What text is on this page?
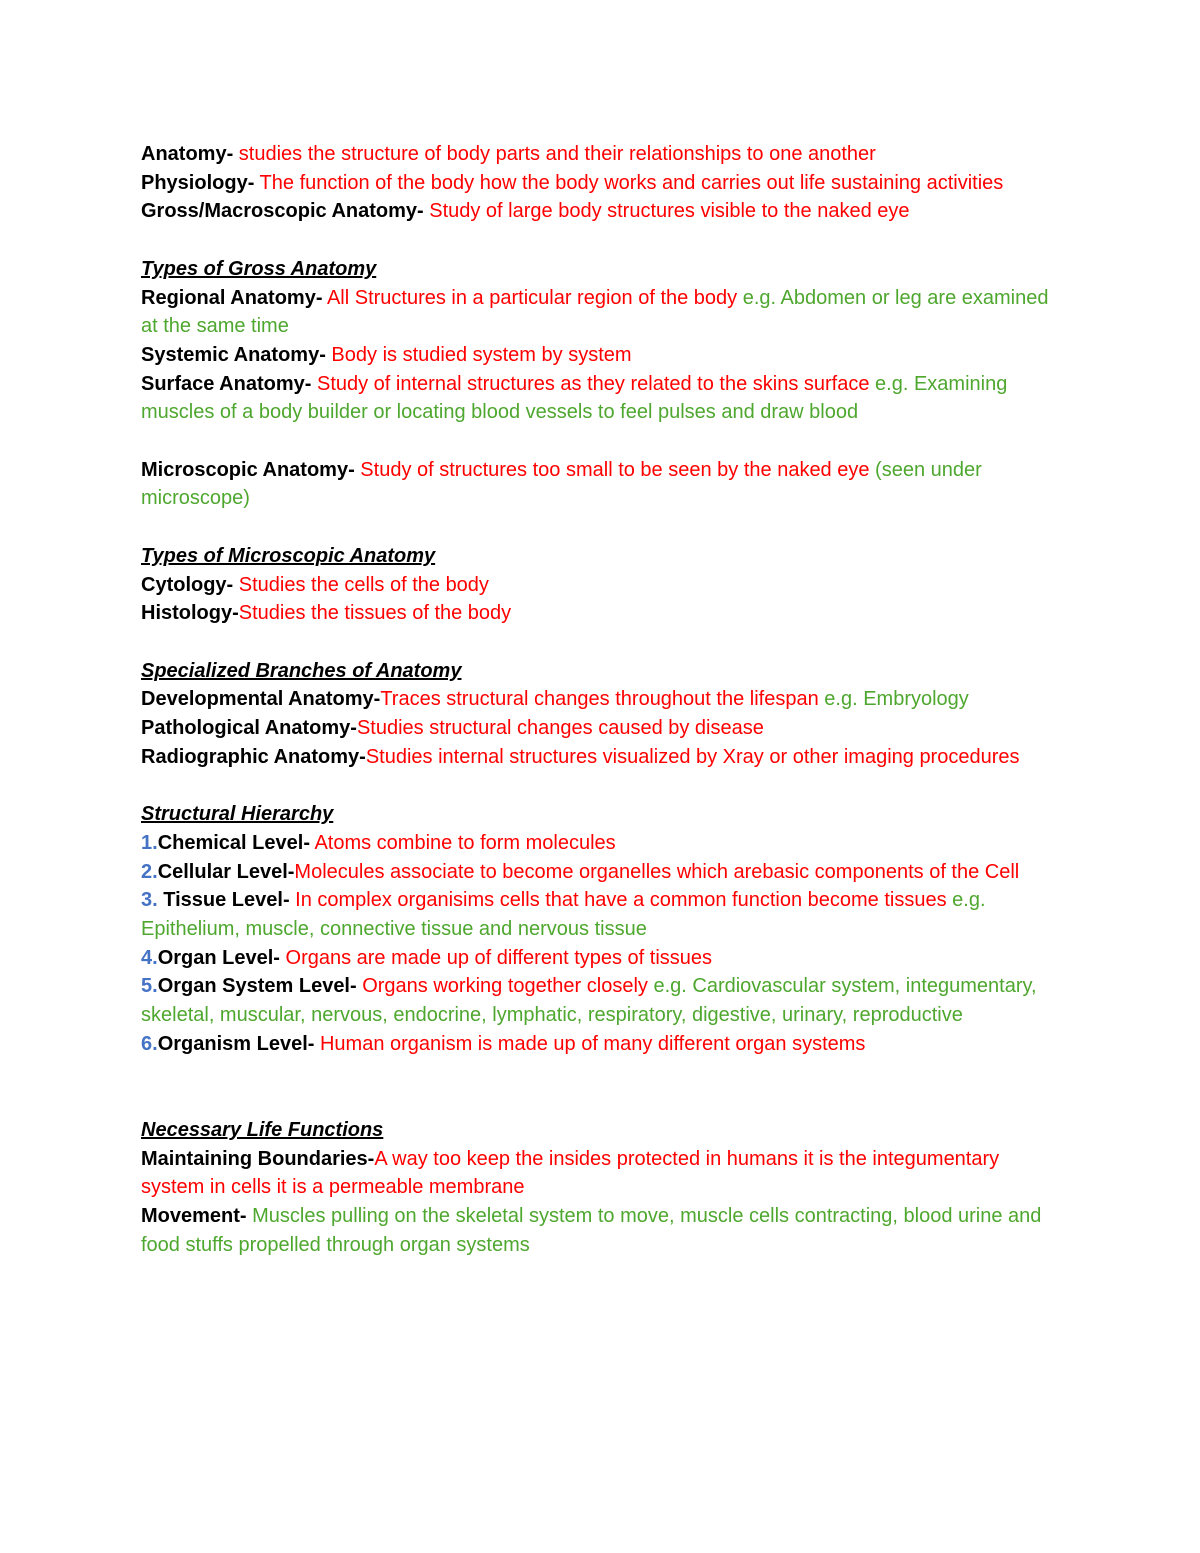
Anatomy- studies the structure of body parts and their relationships to one another

Physiology- The function of the body how the body works and carries out life sustaining activities

Gross/Macroscopic Anatomy- Study of large body structures visible to the naked eye

Types of Gross Anatomy

Regional Anatomy- All Structures in a particular region of the body e.g. Abdomen or leg are examined at the same time

Systemic Anatomy- Body is studied system by system

Surface Anatomy- Study of internal structures as they related to the skins surface e.g. Examining muscles of a body builder or locating blood vessels to feel pulses and draw blood

Microscopic Anatomy- Study of structures too small to be seen by the naked eye (seen under microscope)

Types of Microscopic Anatomy

Cytology- Studies the cells of the body

Histology-Studies the tissues of the body

Specialized Branches of Anatomy

Developmental Anatomy-Traces structural changes throughout the lifespan e.g. Embryology

Pathological Anatomy-Studies structural changes caused by disease

Radiographic Anatomy-Studies internal structures visualized by Xray or other imaging procedures

Structural Hierarchy

1.Chemical Level- Atoms combine to form molecules

2.Cellular Level-Molecules associate to become organelles which arebasic components of the Cell

3. Tissue Level- In complex organisims cells that have a common function become tissues e.g. Epithelium, muscle, connective tissue and nervous tissue

4.Organ Level- Organs are made up of different types of tissues

5.Organ System Level- Organs working together closely e.g. Cardiovascular system, integumentary, skeletal, muscular, nervous, endocrine, lymphatic, respiratory, digestive, urinary, reproductive

6.Organism Level- Human organism is made up of many different organ systems

Necessary Life Functions

Maintaining Boundaries-A way too keep the insides protected in humans it is the integumentary system in cells it is a permeable membrane

Movement- Muscles pulling on the skeletal system to move, muscle cells contracting, blood urine and food stuffs propelled through organ systems
